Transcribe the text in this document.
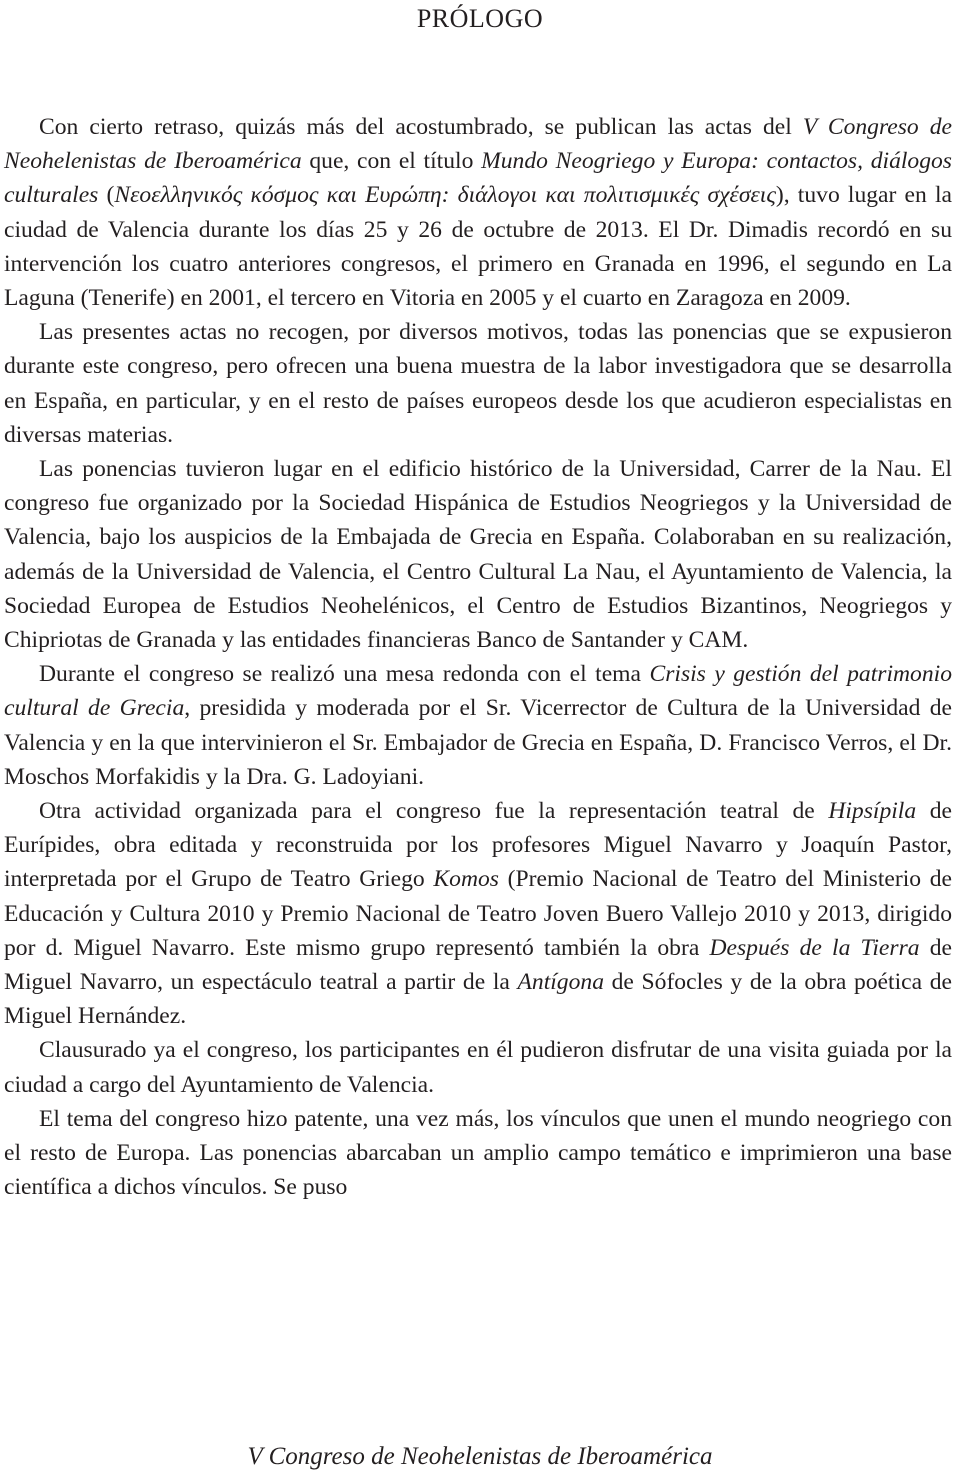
PRÓLOGO

Con cierto retraso, quizás más del acostumbrado, se publican las actas del V Congreso de Neohelenistas de Iberoamérica que, con el título Mundo Neogriego y Europa: contactos, diálogos culturales (Νεοελληνικός κόσμος και Ευρώπη: διάλογοι και πολιτισμικές σχέσεις), tuvo lugar en la ciudad de Valencia durante los días 25 y 26 de octubre de 2013. El Dr. Dimadis recordó en su intervención los cuatro anteriores congresos, el primero en Granada en 1996, el segundo en La Laguna (Tenerife) en 2001, el tercero en Vitoria en 2005 y el cuarto en Zaragoza en 2009.

Las presentes actas no recogen, por diversos motivos, todas las ponencias que se expusieron durante este congreso, pero ofrecen una buena muestra de la labor investigadora que se desarrolla en España, en particular, y en el resto de países europeos desde los que acudieron especialistas en diversas materias.

Las ponencias tuvieron lugar en el edificio histórico de la Universidad, Carrer de la Nau. El congreso fue organizado por la Sociedad Hispánica de Estudios Neogriegos y la Universidad de Valencia, bajo los auspicios de la Embajada de Grecia en España. Colaboraban en su realización, además de la Universidad de Valencia, el Centro Cultural La Nau, el Ayuntamiento de Valencia, la Sociedad Europea de Estudios Neohelénicos, el Centro de Estudios Bizantinos, Neogriegos y Chipriotas de Granada y las entidades financieras Banco de Santander y CAM.

Durante el congreso se realizó una mesa redonda con el tema Crisis y gestión del patrimonio cultural de Grecia, presidida y moderada por el Sr. Vicerrector de Cultura de la Universidad de Valencia y en la que intervinieron el Sr. Embajador de Grecia en España, D. Francisco Verros, el Dr. Moschos Morfakidis y la Dra. G. Ladoyiani.

Otra actividad organizada para el congreso fue la representación teatral de Hipsípila de Eurípides, obra editada y reconstruida por los profesores Miguel Navarro y Joaquín Pastor, interpretada por el Grupo de Teatro Griego Komos (Premio Nacional de Teatro del Ministerio de Educación y Cultura 2010 y Premio Nacional de Teatro Joven Buero Vallejo 2010 y 2013, dirigido por d. Miguel Navarro. Este mismo grupo representó también la obra Después de la Tierra de Miguel Navarro, un espectáculo teatral a partir de la Antígona de Sófocles y de la obra poética de Miguel Hernández.

Clausurado ya el congreso, los participantes en él pudieron disfrutar de una visita guiada por la ciudad a cargo del Ayuntamiento de Valencia.

El tema del congreso hizo patente, una vez más, los vínculos que unen el mundo neogriego con el resto de Europa. Las ponencias abarcaban un amplio campo temático e imprimieron una base científica a dichos vínculos. Se puso

V Congreso de Neohelenistas de Iberoamérica
